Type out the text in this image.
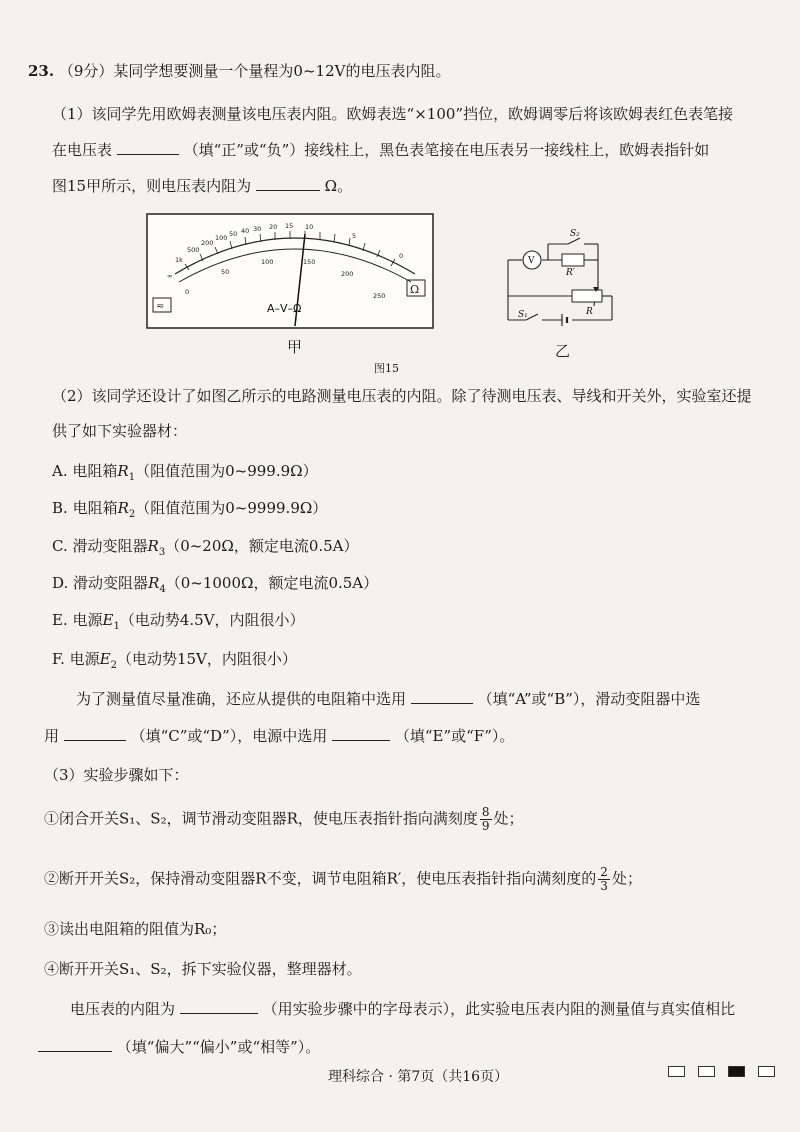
23. （9分）某同学想要测量一个量程为0~12V的电压表内阻。
（1）该同学先用欧姆表测量该电压表内阻。欧姆表选“×100”挡位，欧姆调零后将该欧姆表红色表笔接
在电压表	（填“正”或“负”）接线柱上，黑色表笔接在电压表另一接线柱上，欧姆表指针如
图15甲所示，则电压表内阻为	Ω。
∞
1k
500
200
100 50 40 30 20 15 10
5
0
0
50
100	150
200
250
A–V–Ω
≂
Ω
S₂
V
R′
R
S₁
甲	乙
图15
（2）该同学还设计了如图乙所示的电路测量电压表的内阻。除了待测电压表、导线和开关外，实验室还提
供了如下实验器材：
A. 电阻箱$R_1$（阻值范围为0~999.9Ω）
B. 电阻箱$R_2$（阻值范围为0~9999.9Ω）
C. 滑动变阻器$R_3(0\sim 20\Omega$，额定电流0.5A）
D. 滑动变阻器$R_4(0\sim 1000\Omega$，额定电流0.5A）
E. 电源$E_1$（电动势4.5V，内阻很小）
F. 电源$E_2$（电动势15V，内阻很小）
为了测量值尽量准确，还应从提供的电阻箱中选用	（填“A”或“B”），滑动变阻器中选
用	（填“C”或“D”），电源中选用	（填“E”或“F”）。
（3）实验步骤如下：
①闭合开关S₁、S₂，调节滑动变阻器R，使电压表指针指向满刻度 $\frac{8}{9}$ 处；
②断开开关S₂，保持滑动变阻器R不变，调节电阻箱R′，使电压表指针指向满刻度的 $\frac{2}{3}$ 处；
③读出电阻箱的阻值为R₀；
④断开开关S₁、S₂，拆下实验仪器，整理器材。
电压表的内阻为	（用实验步骤中的字母表示），此实验电压表内阻的测量值与真实值相比
（填“偏大”“偏小”或“相等”）。
理科综合 · 第7页（共16页）
